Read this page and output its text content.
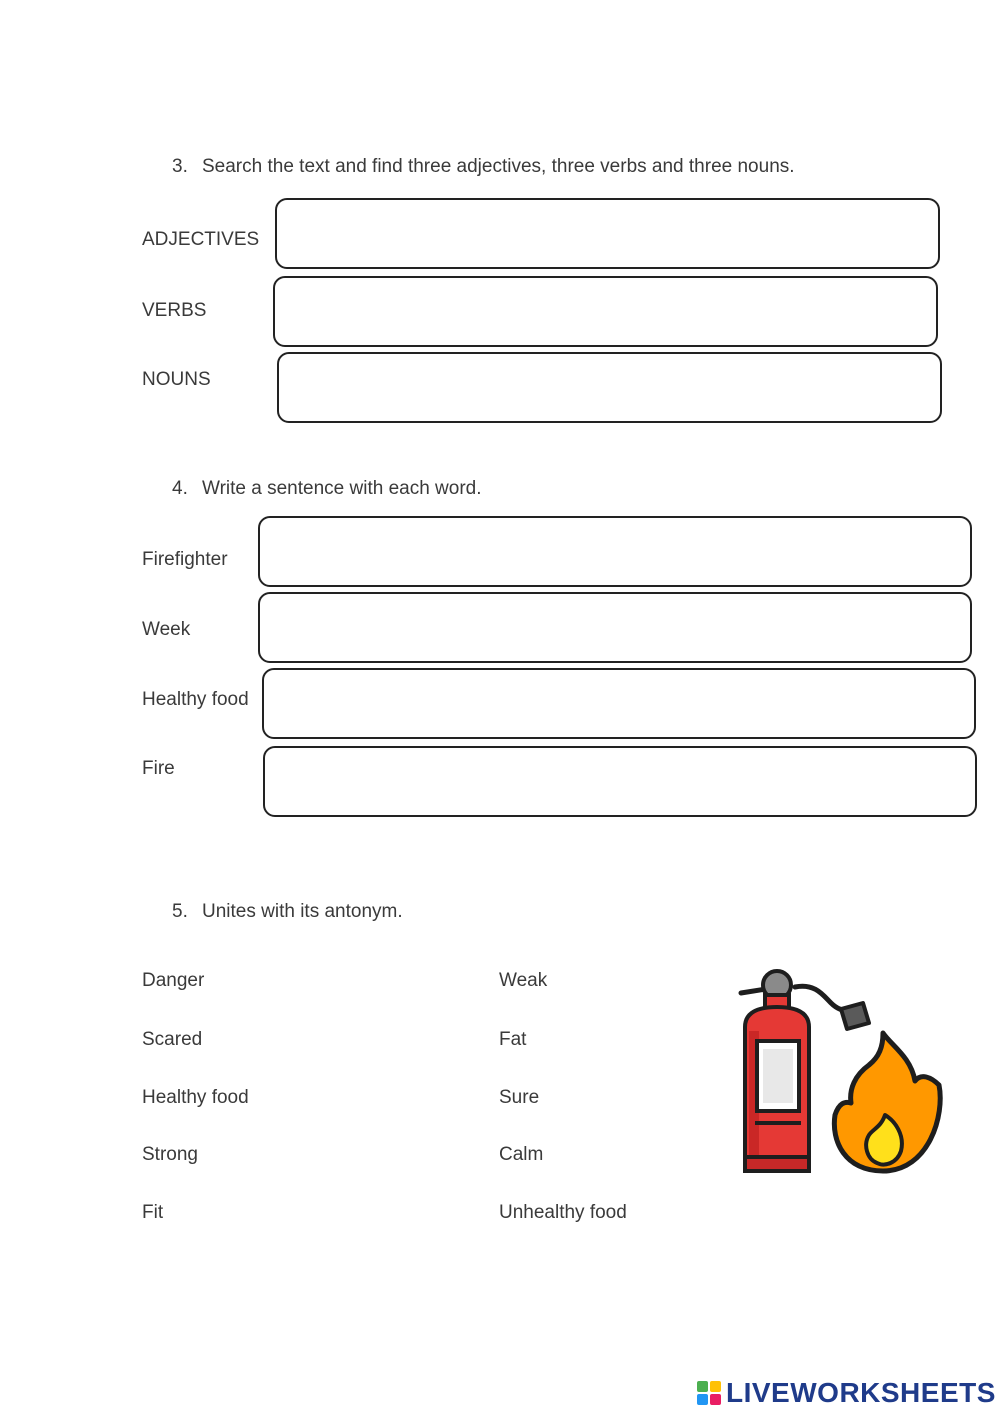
3. Search the text and find three adjectives, three verbs and three nouns.
ADJECTIVES
VERBS
NOUNS
4. Write a sentence with each word.
Firefighter
Week
Healthy food
Fire
5. Unites with its antonym.
Danger
Scared
Healthy food
Strong
Fit
Weak
Fat
Sure
Calm
Unhealthy food
LIVEWORKSHEETS
